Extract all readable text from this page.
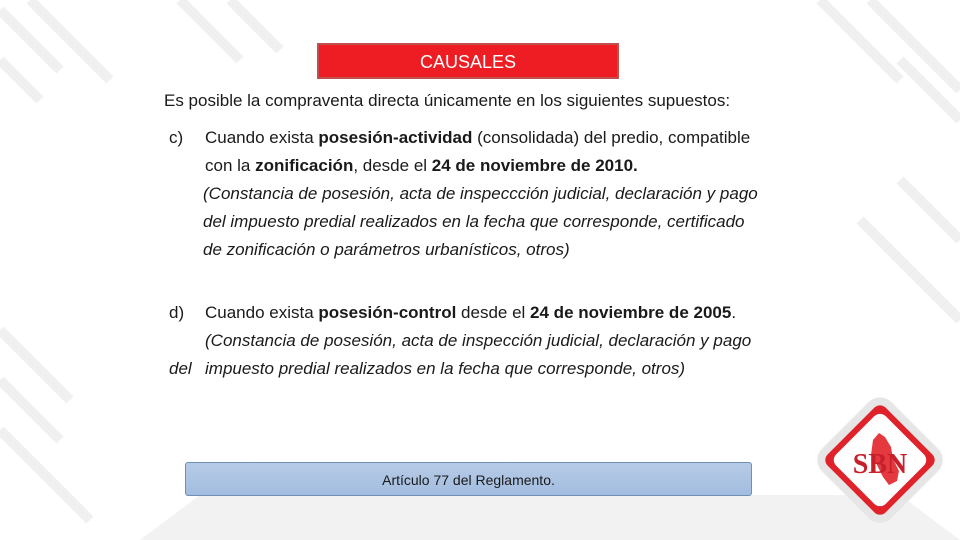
CAUSALES
Es posible la compraventa directa únicamente en los siguientes supuestos:
c) Cuando exista posesión-actividad (consolidada) del predio, compatible
con la zonificación, desde el 24 de noviembre de 2010.
(Constancia de posesión, acta de inspeccción judicial, declaración y pago
del impuesto predial realizados en la fecha que corresponde, certificado
de zonificación o parámetros urbanísticos, otros)
d) Cuando exista posesión-control desde el 24 de noviembre de 2005.
(Constancia de posesión, acta de inspección judicial, declaración y pago
del impuesto predial realizados en la fecha que corresponde, otros)
Artículo 77 del Reglamento.	SBN
